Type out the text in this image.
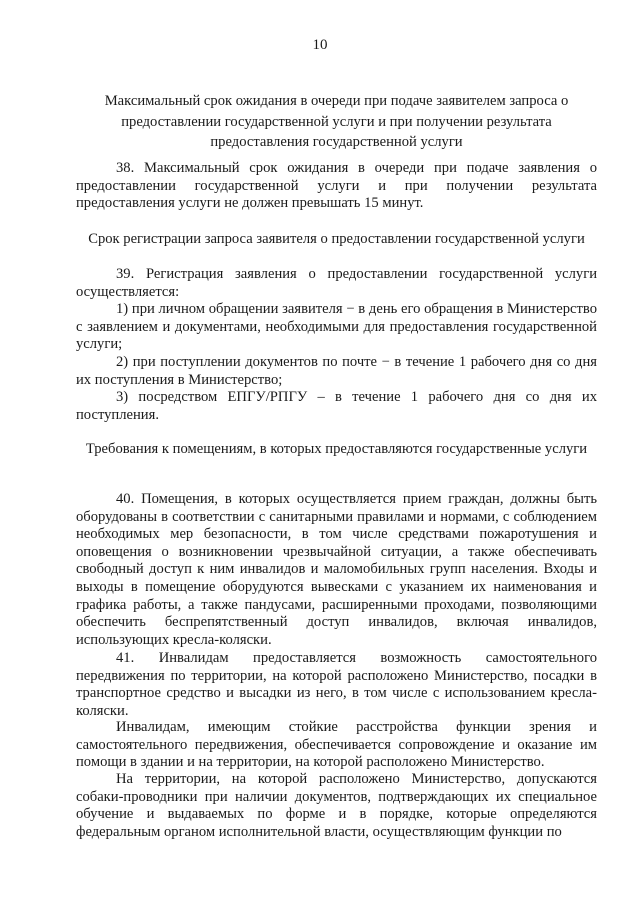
10
Максимальный срок ожидания в очереди при подаче заявителем запроса о предоставлении государственной услуги и при получении результата предоставления государственной услуги
38. Максимальный срок ожидания в очереди при подаче заявления о предоставлении государственной услуги и при получении результата предоставления услуги не должен превышать 15 минут.
Срок регистрации запроса заявителя о предоставлении государственной услуги
39. Регистрация заявления о предоставлении государственной услуги осуществляется:
1) при личном обращении заявителя − в день его обращения в Министерство с заявлением и документами, необходимыми для предоставления государственной услуги;
2) при поступлении документов по почте − в течение 1 рабочего дня со дня их поступления в Министерство;
3) посредством ЕПГУ/РПГУ – в течение 1 рабочего дня со дня их поступления.
Требования к помещениям, в которых предоставляются государственные услуги
40. Помещения, в которых осуществляется прием граждан, должны быть оборудованы в соответствии с санитарными правилами и нормами, с соблюдением необходимых мер безопасности, в том числе средствами пожаротушения и оповещения о возникновении чрезвычайной ситуации, а также обеспечивать свободный доступ к ним инвалидов и маломобильных групп населения. Входы и выходы в помещение оборудуются вывесками с указанием их наименования и графика работы, а также пандусами, расширенными проходами, позволяющими обеспечить беспрепятственный доступ инвалидов, включая инвалидов, использующих кресла-коляски.
41. Инвалидам предоставляется возможность самостоятельного передвижения по территории, на которой расположено Министерство, посадки в транспортное средство и высадки из него, в том числе с использованием кресла-коляски.
Инвалидам, имеющим стойкие расстройства функции зрения и самостоятельного передвижения, обеспечивается сопровождение и оказание им помощи в здании и на территории, на которой расположено Министерство.
На территории, на которой расположено Министерство, допускаются собаки-проводники при наличии документов, подтверждающих их специальное обучение и выдаваемых по форме и в порядке, которые определяются федеральным органом исполнительной власти, осуществляющим функции по
